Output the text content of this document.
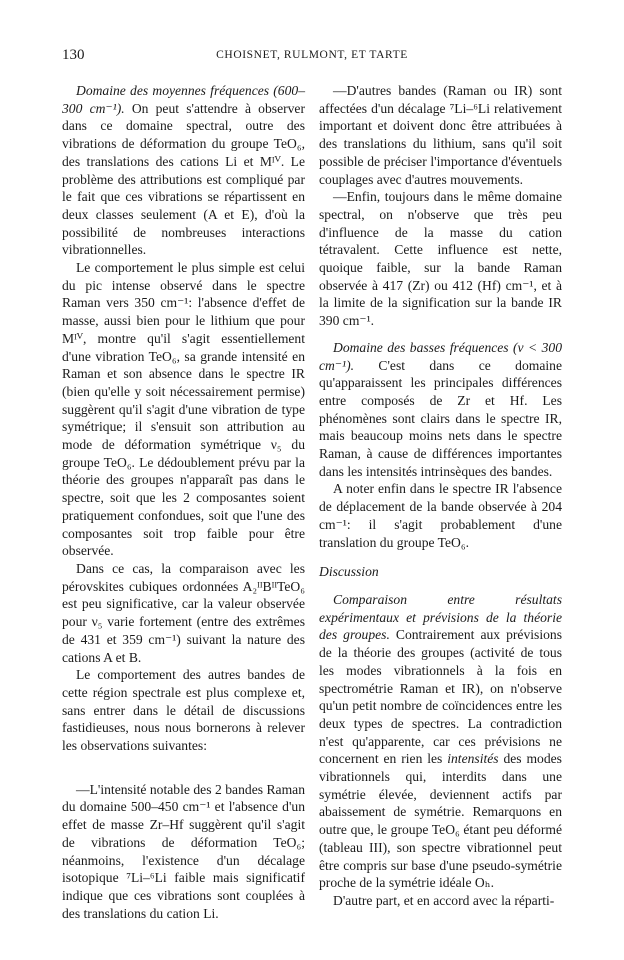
130	CHOISNET, RULMONT, ET TARTE

Domaine des moyennes fréquences (600–300 cm⁻¹). On peut s'attendre à observer dans ce domaine spectral, outre des vibrations de déformation du groupe TeO₆, des translations des cations Li et Mᴵⱽ. Le problème des attributions est compliqué par le fait que ces vibrations se répartissent en deux classes seulement (A et E), d'où la possibilité de nombreuses interactions vibrationnelles.

Le comportement le plus simple est celui du pic intense observé dans le spectre Raman vers 350 cm⁻¹: l'absence d'effet de masse, aussi bien pour le lithium que pour Mᴵⱽ, montre qu'il s'agit essentiellement d'une vibration TeO₆, sa grande intensité en Raman et son absence dans le spectre IR (bien qu'elle y soit nécessairement permise) suggèrent qu'il s'agit d'une vibration de type symétrique; il s'ensuit son attribution au mode de déformation symétrique ν₅ du groupe TeO₆. Le dédoublement prévu par la théorie des groupes n'apparaît pas dans le spectre, soit que les 2 composantes soient pratiquement confondues, soit que l'une des composantes soit trop faible pour être observée.

Dans ce cas, la comparaison avec les pérovskites cubiques ordonnées A₂ᴵᴵBᴵᴵTeO₆ est peu significative, car la valeur observée pour ν₅ varie fortement (entre des extrêmes de 431 et 359 cm⁻¹) suivant la nature des cations A et B.

Le comportement des autres bandes de cette région spectrale est plus complexe et, sans entrer dans le détail de discussions fastidieuses, nous nous bornerons à relever les observations suivantes:

—L'intensité notable des 2 bandes Raman du domaine 500–450 cm⁻¹ et l'absence d'un effet de masse Zr–Hf suggèrent qu'il s'agit de vibrations de déformation TeO₆; néanmoins, l'existence d'un décalage isotopique ⁷Li–⁶Li faible mais significatif indique que ces vibrations sont couplées à des translations du cation Li.

—D'autres bandes (Raman ou IR) sont affectées d'un décalage ⁷Li–⁶Li relativement important et doivent donc être attribuées à des translations du lithium, sans qu'il soit possible de préciser l'importance d'éventuels couplages avec d'autres mouvements.

—Enfin, toujours dans le même domaine spectral, on n'observe que très peu d'influence de la masse du cation tétravalent. Cette influence est nette, quoique faible, sur la bande Raman observée à 417 (Zr) ou 412 (Hf) cm⁻¹, et à la limite de la signification sur la bande IR 390 cm⁻¹.

Domaine des basses fréquences (ν < 300 cm⁻¹). C'est dans ce domaine qu'apparaissent les principales différences entre composés de Zr et Hf. Les phénomènes sont clairs dans le spectre IR, mais beaucoup moins nets dans le spectre Raman, à cause de différences importantes dans les intensités intrinsèques des bandes.

A noter enfin dans le spectre IR l'absence de déplacement de la bande observée à 204 cm⁻¹: il s'agit probablement d'une translation du groupe TeO₆.

Discussion

Comparaison entre résultats expérimentaux et prévisions de la théorie des groupes. Contrairement aux prévisions de la théorie des groupes (activité de tous les modes vibrationnels à la fois en spectrométrie Raman et IR), on n'observe qu'un petit nombre de coïncidences entre les deux types de spectres. La contradiction n'est qu'apparente, car ces prévisions ne concernent en rien les intensités des modes vibrationnels qui, interdits dans une symétrie élevée, deviennent actifs par abaissement de symétrie. Remarquons en outre que, le groupe TeO₆ étant peu déformé (tableau III), son spectre vibrationnel peut être compris sur base d'une pseudo-symétrie proche de la symétrie idéale Oₕ.

D'autre part, et en accord avec la réparti-
